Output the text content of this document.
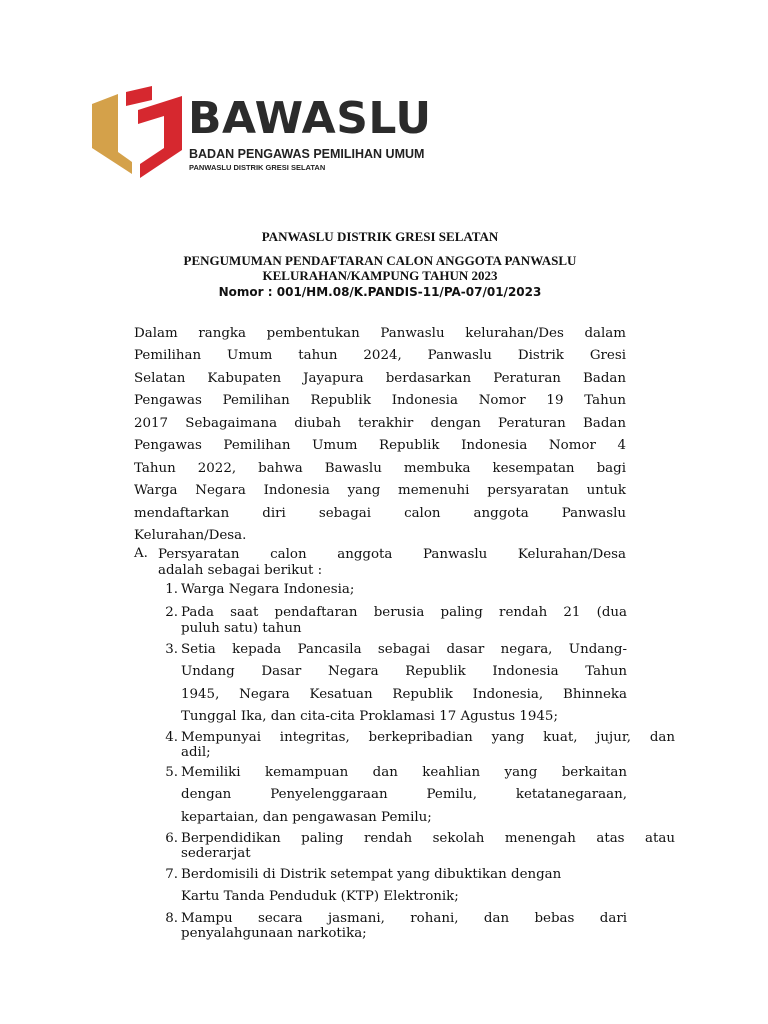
BAWASLU
BADAN PENGAWAS PEMILIHAN UMUM
PANWASLU DISTRIK GRESI SELATAN
PANWASLU DISTRIK GRESI SELATAN
PENGUMUMAN PENDAFTARAN CALON ANGGOTA PANWASLU
KELURAHAN/KAMPUNG TAHUN 2023
Nomor : 001/HM.08/K.PANDIS-11/PA-07/01/2023
Dalam rangka pembentukan Panwaslu kelurahan/Des dalam
Pemilihan Umum tahun 2024, Panwaslu Distrik Gresi
Selatan Kabupaten Jayapura berdasarkan Peraturan Badan
Pengawas Pemilihan Republik Indonesia Nomor 19 Tahun
2017 Sebagaimana diubah terakhir dengan Peraturan Badan
Pengawas Pemilihan Umum Republik Indonesia Nomor 4
Tahun 2022, bahwa Bawaslu membuka kesempatan bagi
Warga Negara Indonesia yang memenuhi persyaratan untuk
mendaftarkan diri sebagai calon anggota Panwaslu
Kelurahan/Desa.
A. Persyaratan calon anggota Panwaslu Kelurahan/Desa
adalah sebagai berikut :
1. Warga Negara Indonesia;
2. Pada saat pendaftaran berusia paling rendah 21 (dua
puluh satu) tahun
3. Setia kepada Pancasila sebagai dasar negara, Undang-
Undang Dasar Negara Republik Indonesia Tahun
1945, Negara Kesatuan Republik Indonesia, Bhinneka
Tunggal Ika, dan cita-cita Proklamasi 17 Agustus 1945;
4. Mempunyai integritas, berkepribadian yang kuat, jujur, dan
adil;
5. Memiliki kemampuan dan keahlian yang berkaitan
dengan Penyelenggaraan Pemilu, ketatanegaraan,
kepartaian, dan pengawasan Pemilu;
6. Berpendidikan paling rendah sekolah menengah atas atau
sederarjat
7. Berdomisili di Distrik setempat yang dibuktikan dengan
Kartu Tanda Penduduk (KTP) Elektronik;
8. Mampu secara jasmani, rohani, dan bebas dari
penyalahgunaan narkotika;
